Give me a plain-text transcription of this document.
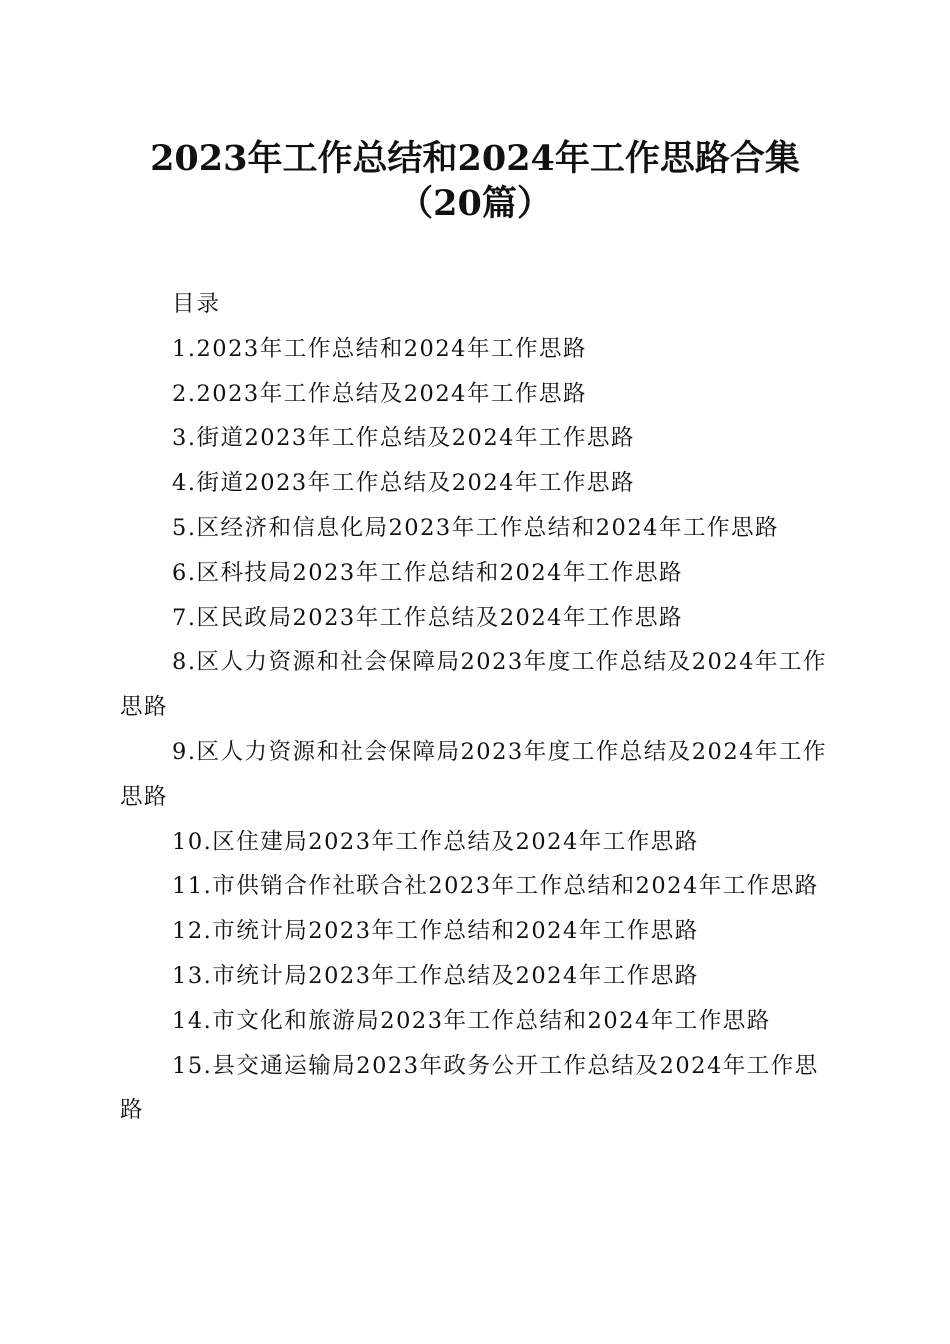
2023年工作总结和2024年工作思路合集（20篇）

目录

1.2023年工作总结和2024年工作思路
2.2023年工作总结及2024年工作思路
3.街道2023年工作总结及2024年工作思路
4.街道2023年工作总结及2024年工作思路
5.区经济和信息化局2023年工作总结和2024年工作思路
6.区科技局2023年工作总结和2024年工作思路
7.区民政局2023年工作总结及2024年工作思路
8.区人力资源和社会保障局2023年度工作总结及2024年工作思路
9.区人力资源和社会保障局2023年度工作总结及2024年工作思路
10.区住建局2023年工作总结及2024年工作思路
11.市供销合作社联合社2023年工作总结和2024年工作思路
12.市统计局2023年工作总结和2024年工作思路
13.市统计局2023年工作总结及2024年工作思路
14.市文化和旅游局2023年工作总结和2024年工作思路
15.县交通运输局2023年政务公开工作总结及2024年工作思路
